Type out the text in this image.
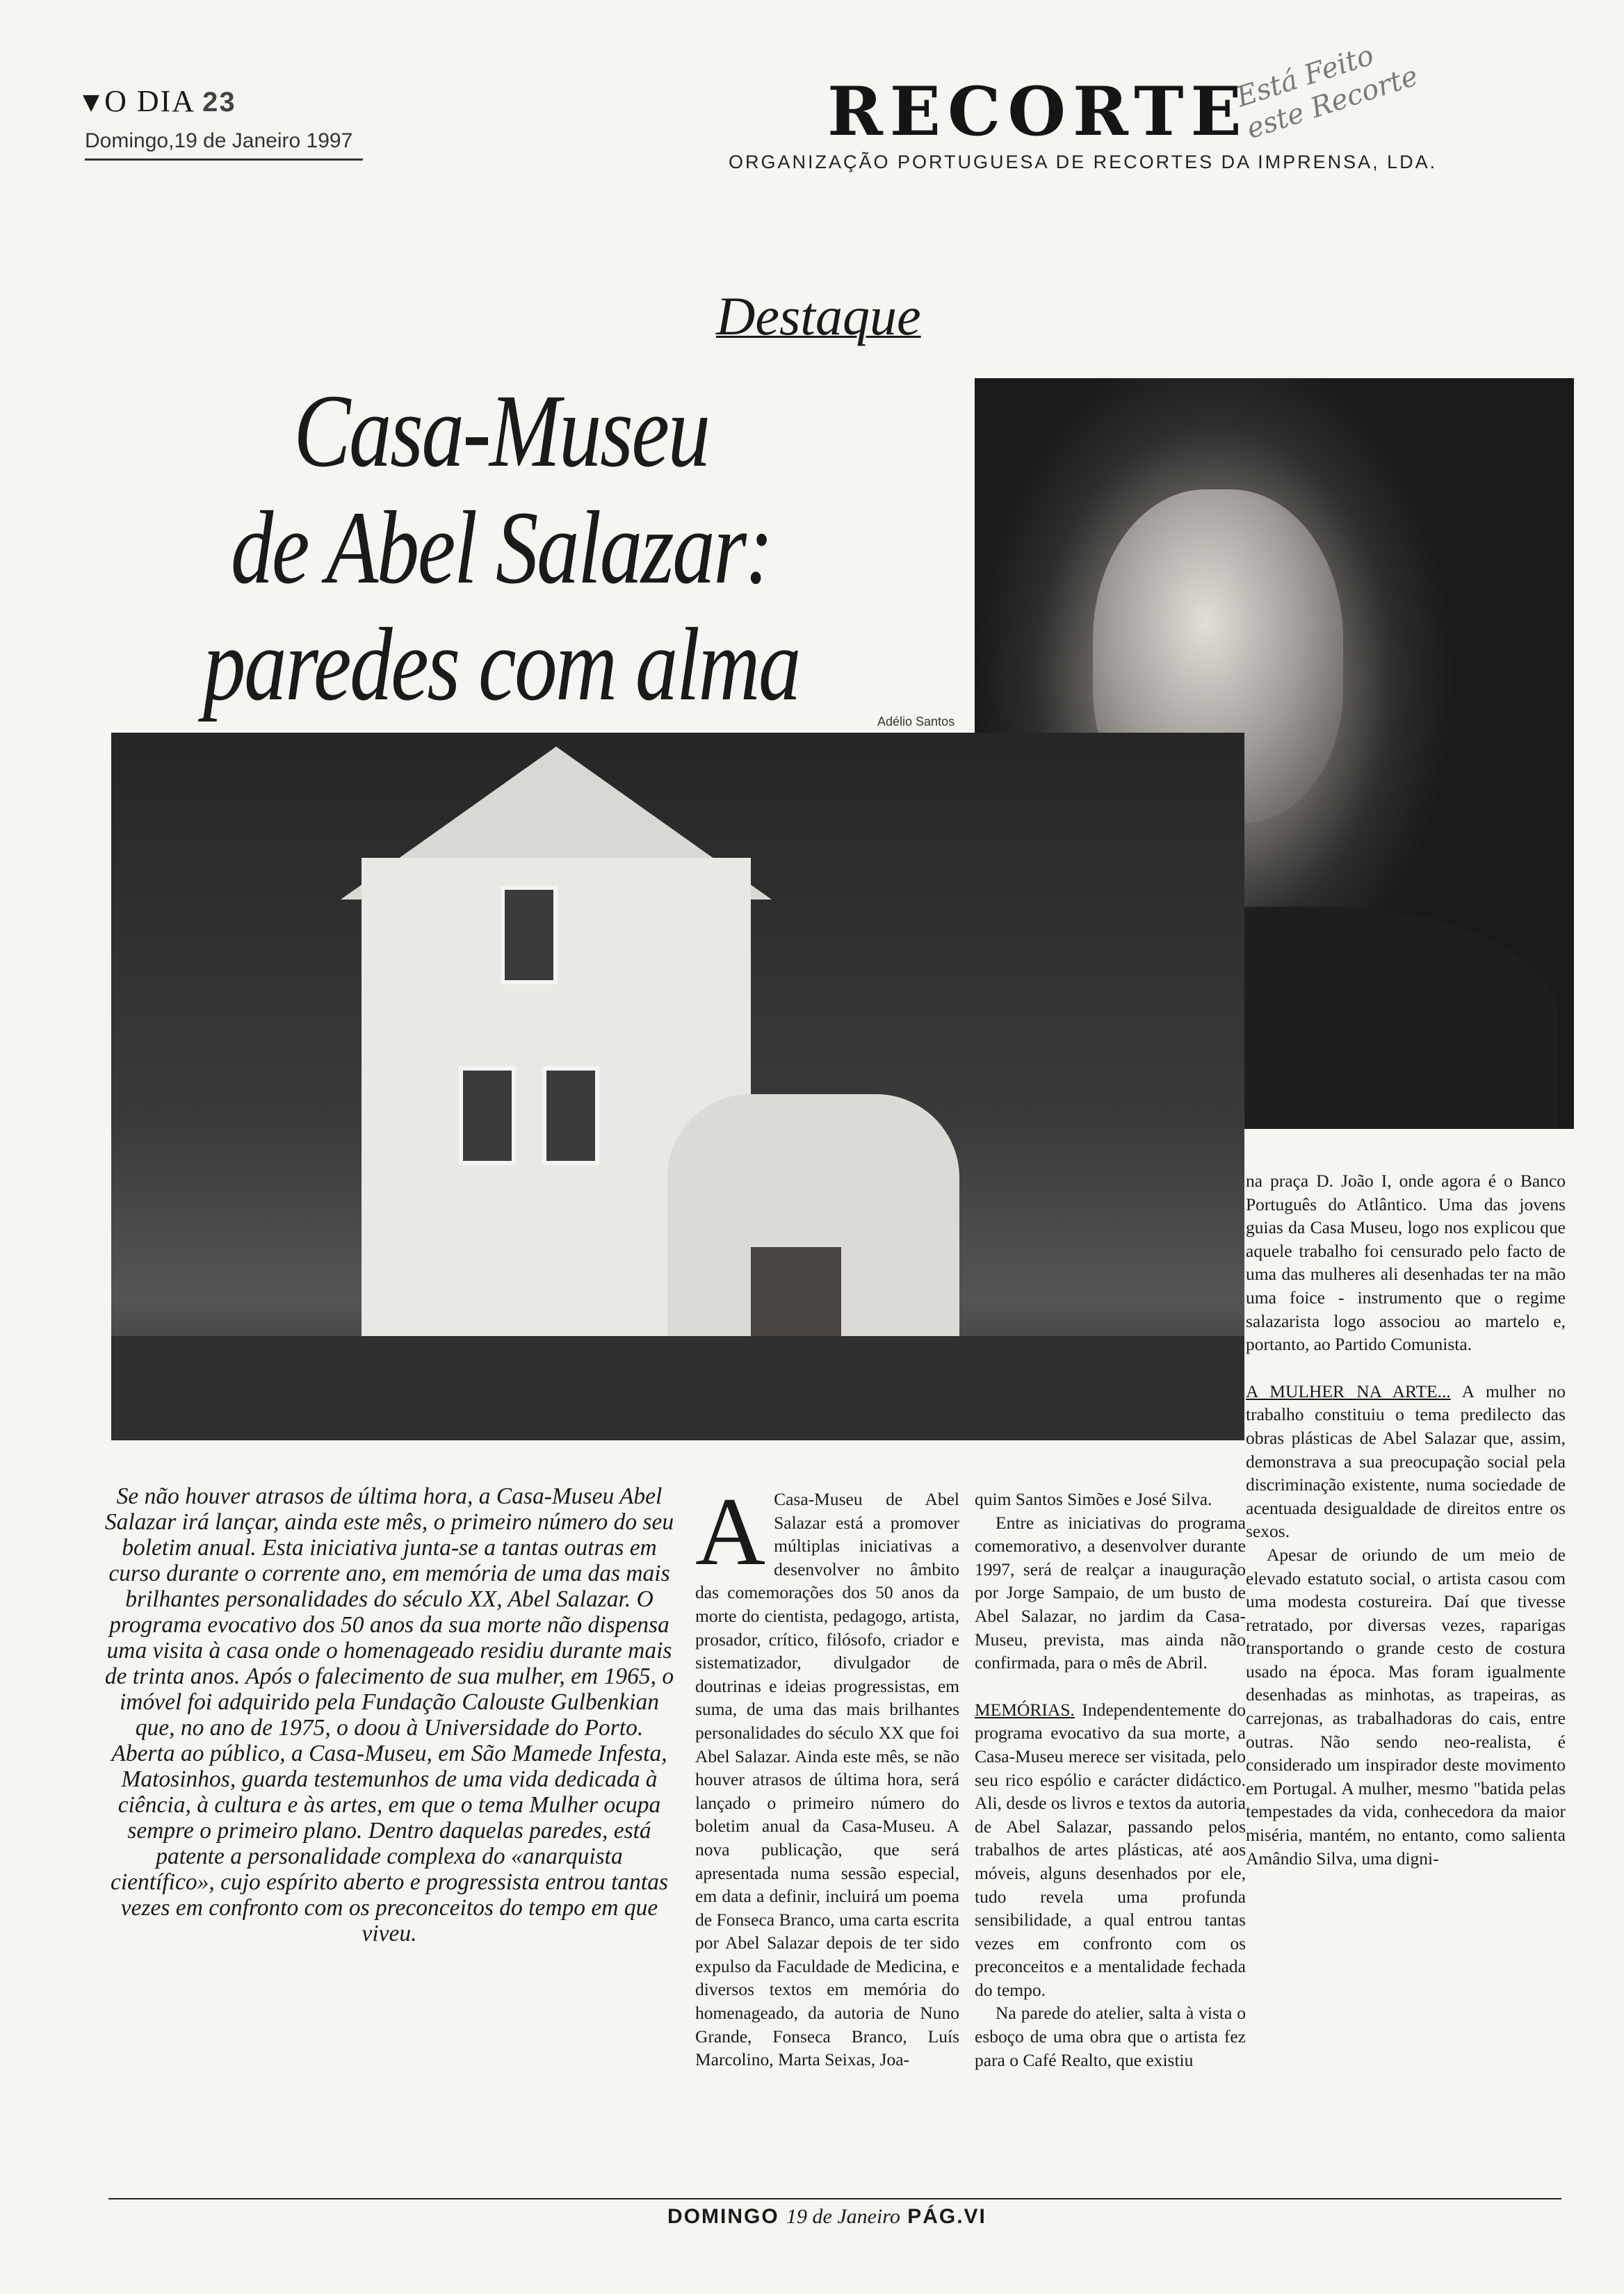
▾ O DIA 23
Domingo,19 de Janeiro 1997	RECORTE
ORGANIZAÇÃO PORTUGUESA DE RECORTES DA IMPRENSA, LDA.
Está Feito este Recorte
Destaque
Casa-Museu
de Abel Salazar:
paredes com alma	Adélio Santos
Se não houver atrasos de última hora, a Casa-Museu Abel Salazar irá lançar, ainda este mês, o primeiro número do seu boletim anual. Esta iniciativa junta-se a tantas outras em curso durante o corrente ano, em memória de uma das mais brilhantes personalidades do século XX, Abel Salazar. O programa evocativo dos 50 anos da sua morte não dispensa uma visita à casa onde o homenageado residiu durante mais de trinta anos. Após o falecimento de sua mulher, em 1965, o imóvel foi adquirido pela Fundação Calouste Gulbenkian que, no ano de 1975, o doou à Universidade do Porto. Aberta ao público, a Casa-Museu, em São Mamede Infesta, Matosinhos, guarda testemunhos de uma vida dedicada à ciência, à cultura e às artes, em que o tema Mulher ocupa sempre o primeiro plano. Dentro daquelas paredes, está patente a personalidade complexa do «anarquista científico», cujo espírito aberto e progressista entrou tantas vezes em confronto com os preconceitos do tempo em que viveu.

A Casa-Museu de Abel Salazar está a promover múltiplas iniciativas a desenvolver no âmbito das comemorações dos 50 anos da morte do cientista, pedagogo, artista, prosador, crítico, filósofo, criador e sistematizador, divulgador de doutrinas e ideias progressistas, em suma, de uma das mais brilhantes personalidades do século XX que foi Abel Salazar. Ainda este mês, se não houver atrasos de última hora, será lançado o primeiro número do boletim anual da Casa-Museu. A nova publicação, que será apresentada numa sessão especial, em data a definir, incluirá um poema de Fonseca Branco, uma carta escrita por Abel Salazar depois de ter sido expulso da Faculdade de Medicina, e diversos textos em memória do homenageado, da autoria de Nuno Grande, Fonseca Branco, Luís Marcolino, Marta Seixas, Joa-

quim Santos Simões e José Silva.

Entre as iniciativas do programa comemorativo, a desenvolver durante 1997, será de realçar a inauguração por Jorge Sampaio, de um busto de Abel Salazar, no jardim da Casa-Museu, prevista, mas ainda não confirmada, para o mês de Abril.

MEMÓRIAS. Independentemente do programa evocativo da sua morte, a Casa-Museu merece ser visitada, pelo seu rico espólio e carácter didáctico. Ali, desde os livros e textos da autoria de Abel Salazar, passando pelos trabalhos de artes plásticas, até aos móveis, alguns desenhados por ele, tudo revela uma profunda sensibilidade, a qual entrou tantas vezes em confronto com os preconceitos e a mentalidade fechada do tempo.

Na parede do atelier, salta à vista o esboço de uma obra que o artista fez para o Café Realto, que existiu

na praça D. João I, onde agora é o Banco Português do Atlântico. Uma das jovens guias da Casa Museu, logo nos explicou que aquele trabalho foi censurado pelo facto de uma das mulheres ali desenhadas ter na mão uma foice - instrumento que o regime salazarista logo associou ao martelo e, portanto, ao Partido Comunista.

A MULHER NA ARTE... A mulher no trabalho constituiu o tema predilecto das obras plásticas de Abel Salazar que, assim, demonstrava a sua preocupação social pela discriminação existente, numa sociedade de acentuada desigualdade de direitos entre os sexos.

Apesar de oriundo de um meio de elevado estatuto social, o artista casou com uma modesta costureira. Daí que tivesse retratado, por diversas vezes, raparigas transportando o grande cesto de costura usado na época. Mas foram igualmente desenhadas as minhotas, as trapeiras, as carrejonas, as trabalhadoras do cais, entre outras. Não sendo neo-realista, é considerado um inspirador deste movimento em Portugal. A mulher, mesmo "batida pelas tempestades da vida, conhecedora da maior miséria, mantém, no entanto, como salienta Amândio Silva, uma digni-

DOMINGO 19 de Janeiro PÁG.VI
